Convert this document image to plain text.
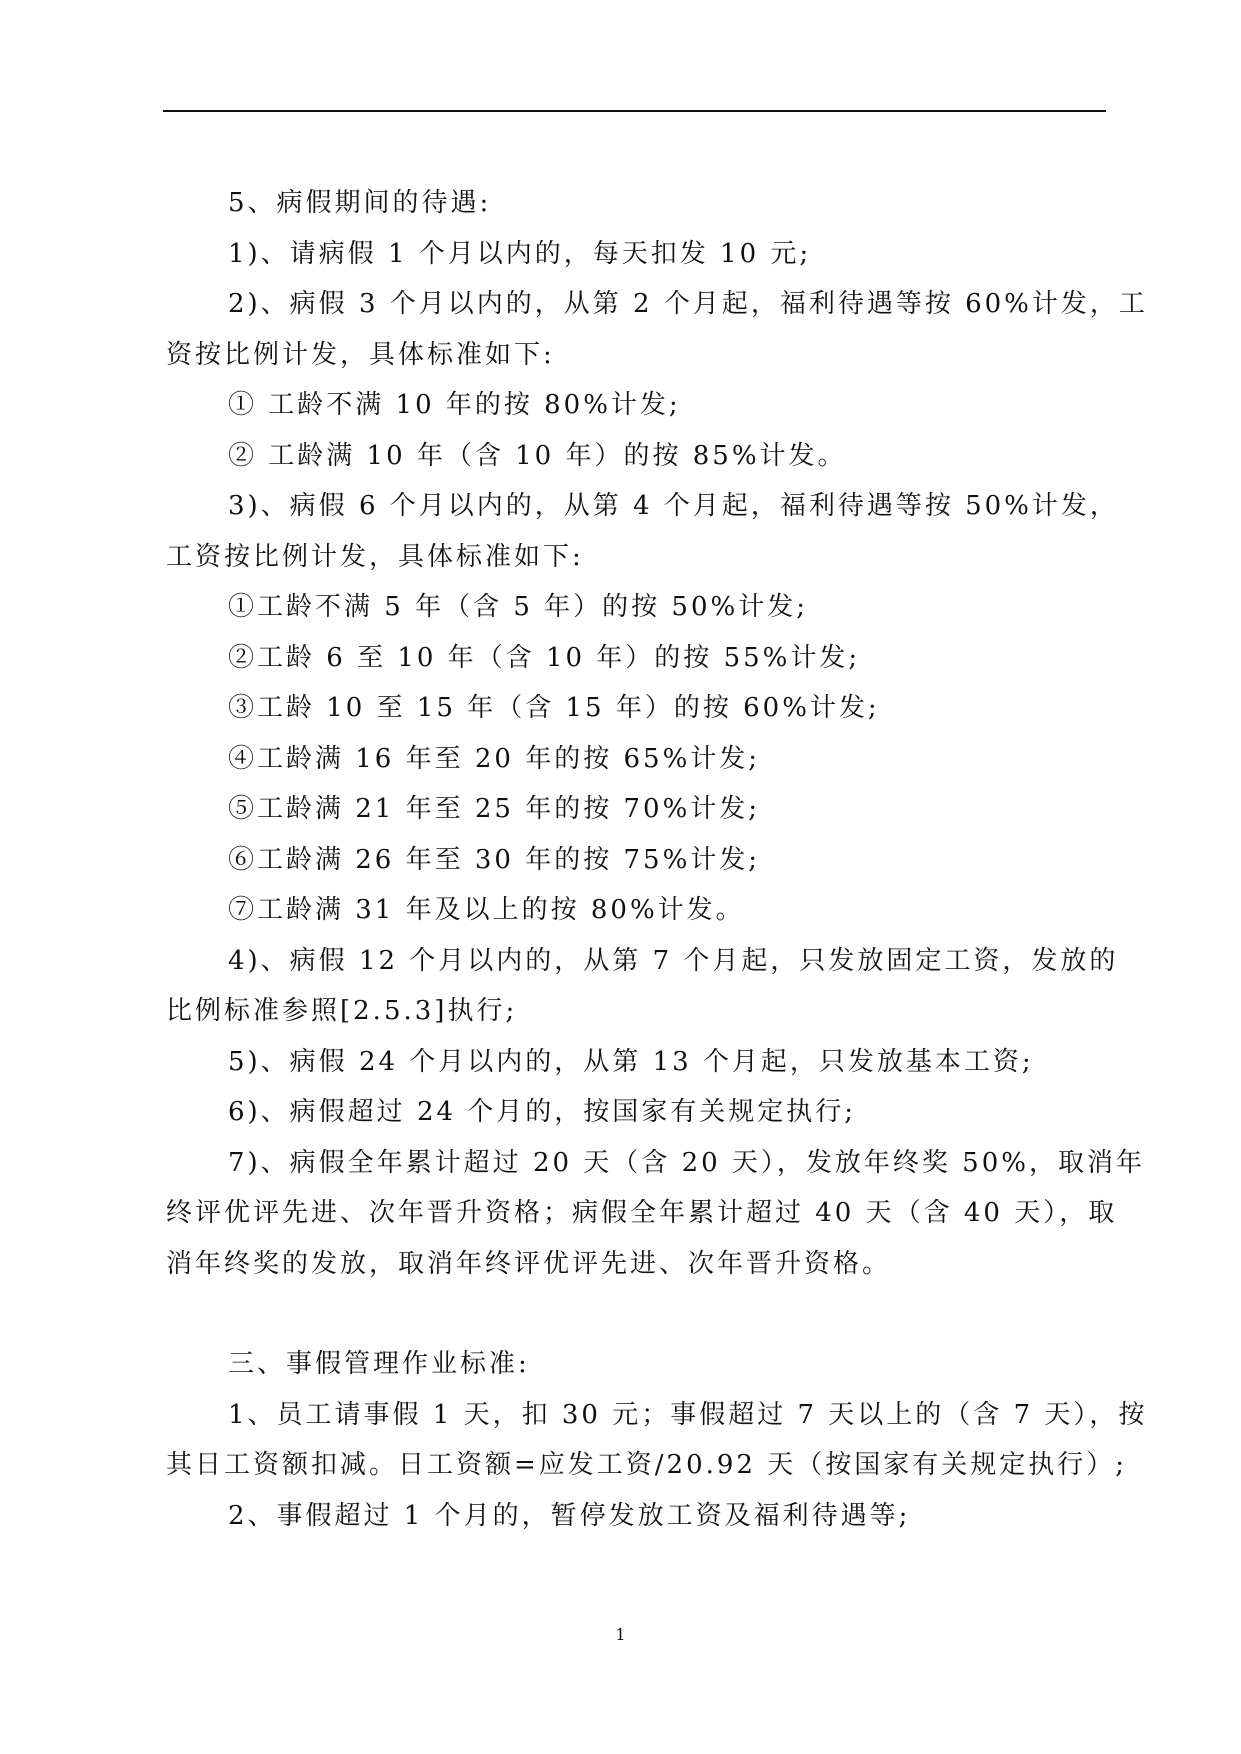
5、病假期间的待遇:
1)、请病假 1 个月以内的，每天扣发 10 元;
2)、病假 3 个月以内的，从第 2 个月起，福利待遇等按 60%计发，工
资按比例计发，具体标准如下:
① 工龄不满 10 年的按 80%计发;
② 工龄满 10 年（含 10 年）的按 85%计发。
3)、病假 6 个月以内的，从第 4 个月起，福利待遇等按 50%计发，
工资按比例计发，具体标准如下:
①工龄不满 5 年（含 5 年）的按 50%计发;
②工龄 6 至 10 年（含 10 年）的按 55%计发;
③工龄 10 至 15 年（含 15 年）的按 60%计发;
④工龄满 16 年至 20 年的按 65%计发;
⑤工龄满 21 年至 25 年的按 70%计发;
⑥工龄满 26 年至 30 年的按 75%计发;
⑦工龄满 31 年及以上的按 80%计发。
4)、病假 12 个月以内的，从第 7 个月起，只发放固定工资，发放的
比例标准参照[2.5.3]执行;
5)、病假 24 个月以内的，从第 13 个月起，只发放基本工资;
6)、病假超过 24 个月的，按国家有关规定执行;
7)、病假全年累计超过 20 天（含 20 天），发放年终奖 50%，取消年
终评优评先进、次年晋升资格；病假全年累计超过 40 天（含 40 天），取
消年终奖的发放，取消年终评优评先进、次年晋升资格。
三、事假管理作业标准:
1、员工请事假 1 天，扣 30 元；事假超过 7 天以上的（含 7 天），按
其日工资额扣减。日工资额=应发工资/20.92 天（按国家有关规定执行）;
2、事假超过 1 个月的，暂停发放工资及福利待遇等;
1
